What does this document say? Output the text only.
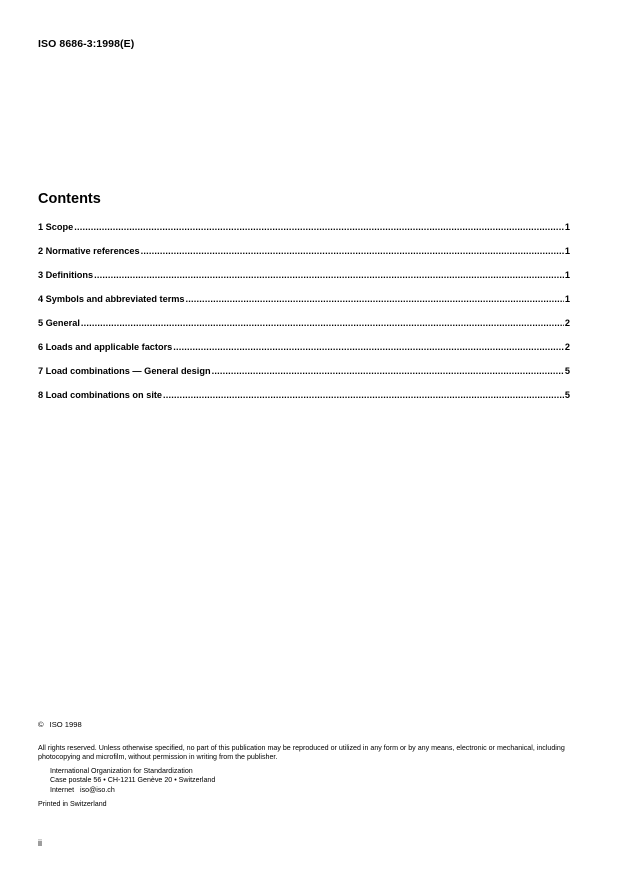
ISO 8686-3:1998(E)
Contents
1 Scope .....	1
2 Normative references .....	1
3 Definitions .....	1
4 Symbols and abbreviated terms .....	1
5 General .....	2
6 Loads and applicable factors .....	2
7 Load combinations — General design .....	5
8 Load combinations on site .....	5
© ISO 1998
All rights reserved. Unless otherwise specified, no part of this publication may be reproduced or utilized in any form or by any means, electronic or mechanical, including photocopying and microfilm, without permission in writing from the publisher.
International Organization for Standardization
Case postale 56 • CH-1211 Genève 20 • Switzerland
Internet iso@iso.ch
Printed in Switzerland
ii
